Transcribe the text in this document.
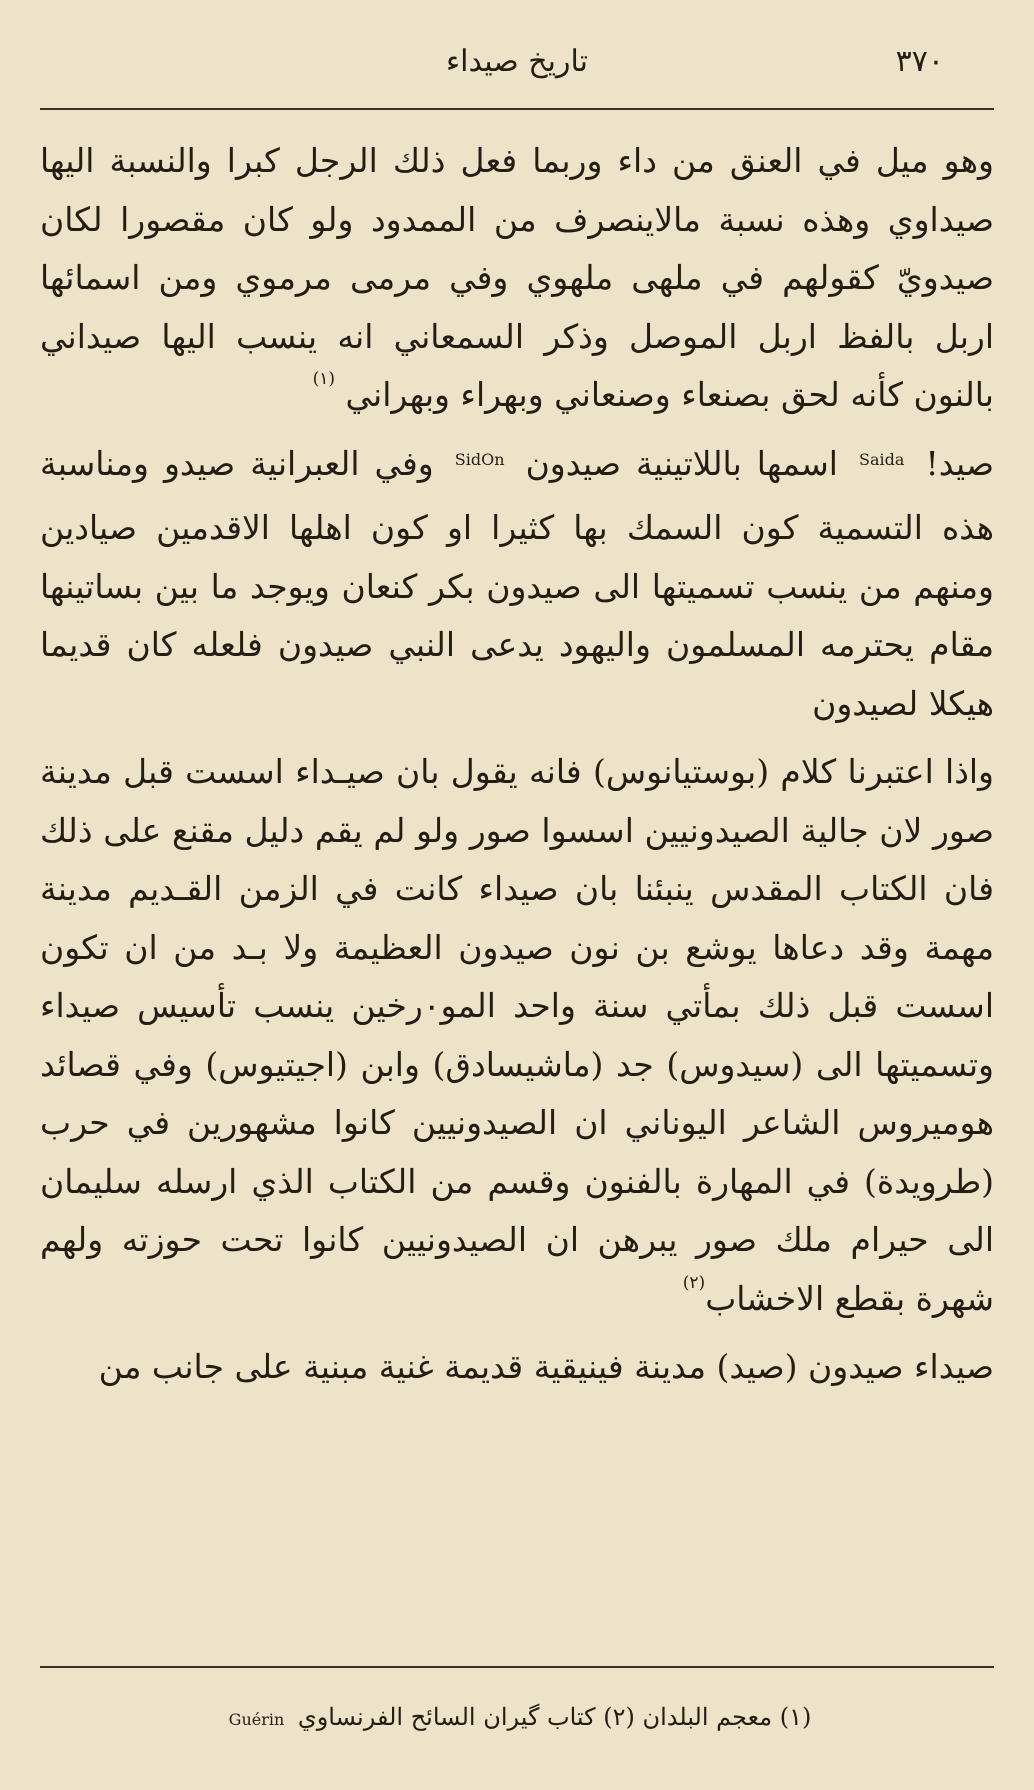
٣٧٠
تاريخ صيداء

وهو ميل في العنق من داء وربما فعل ذلك الرجل كبرا والنسبة اليها صيداوي وهذه نسبة مالاينصرف من الممدود ولو كان مقصورا لكان صيدويّ كقولهم في ملهى ملهوي وفي مرمى مرموي ومن اسمائها اربل بالفظ اربل الموصل وذكر السمعاني انه ينسب اليها صيداني بالنون كأنه لحق بصنعاء وصنعاني وبهراء وبهراني $^{(١)}$

صيد! $^{Saida}$ اسمها باللاتينية صيدون $^{SidOn}$ وفي العبرانية صيدو ومناسبة هذه التسمية كون السمك بها كثيرا او كون اهلها الاقدمين صيادين ومنهم من ينسب تسميتها الى صيدون بكر كنعان ويوجد ما بين بساتينها مقام يحترمه المسلمون واليهود يدعى النبي صيدون فلعله كان قديما هيكلا لصيدون

واذا اعتبرنا كلام (بوستيانوس) فانه يقول بان صيـداء اسست قبل مدينة صور لان جالية الصيدونيين اسسوا صور ولو لم يقم دليل مقنع على ذلك فان الكتاب المقدس ينبئنا بان صيداء كانت في الزمن القـديم مدينة مهمة وقد دعاها يوشع بن نون صيدون العظيمة ولا بـد من ان تكون اسست قبل ذلك بمأتي سنة واحد المو٠رخين ينسب تأسيس صيداء وتسميتها الى (سيدوس) جد (ماشيسادق) وابن (اجيتيوس) وفي قصائد هوميروس الشاعر اليوناني ان الصيدونيين كانوا مشهورين في حرب (طرويدة) في المهارة بالفنون وقسم من الكتاب الذي ارسله سليمان الى حيرام ملك صور يبرهن ان الصيدونيين كانوا تحت حوزته ولهم شهرة بقطع الاخشاب$^{(٢)}$

صيداء صيدون (صيد) مدينة فينيقية قديمة غنية مبنية على جانب من

(١) معجم البلدان (٢) كتاب گيران السائح الفرنساوي Guérin
